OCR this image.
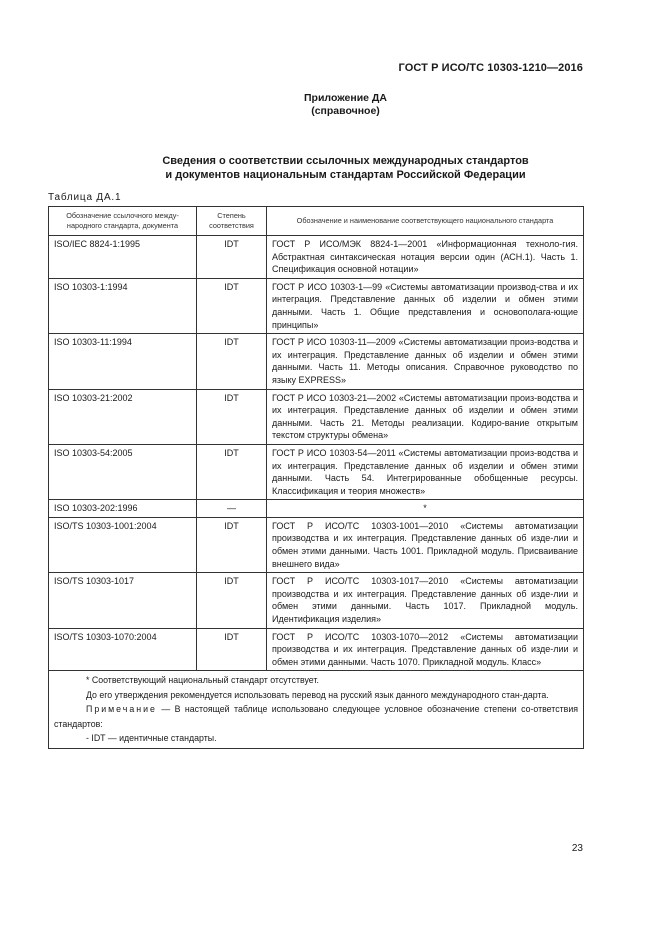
ГОСТ Р ИСО/ТС 10303-1210—2016
Приложение ДА
(справочное)
Сведения о соответствии ссылочных международных стандартов
и документов национальным стандартам Российской Федерации
Таблица ДА.1
Обозначение ссылочного между-народного стандарта, документа	Степень соответствия	Обозначение и наименование соответствующего национального стандарта
ISO/IEC 8824-1:1995	IDT	ГОСТ Р ИСО/МЭК 8824-1—2001 «Информационная техноло-гия. Абстрактная синтаксическая нотация версии один (АСН.1). Часть 1. Спецификация основной нотации»
ISO 10303-1:1994	IDT	ГОСТ Р ИСО 10303-1—99 «Системы автоматизации производ-ства и их интеграция. Представление данных об изделии и обмен этими данными. Часть 1. Общие представления и основополага-ющие принципы»
ISO 10303-11:1994	IDT	ГОСТ Р ИСО 10303-11—2009 «Системы автоматизации произ-водства и их интеграция. Представление данных об изделии и обмен этими данными. Часть 11. Методы описания. Справочное руководство по языку EXPRESS»
ISO 10303-21:2002	IDT	ГОСТ Р ИСО 10303-21—2002 «Системы автоматизации произ-водства и их интеграция. Представление данных об изделии и обмен этими данными. Часть 21. Методы реализации. Кодиро-вание открытым текстом структуры обмена»
ISO 10303-54:2005	IDT	ГОСТ Р ИСО 10303-54—2011 «Системы автоматизации произ-водства и их интеграция. Представление данных об изделии и обмен этими данными. Часть 54. Интегрированные обобщенные ресурсы. Классификация и теория множеств»
ISO 10303-202:1996	—	*
ISO/TS 10303-1001:2004	IDT	ГОСТ Р ИСО/ТС 10303-1001—2010 «Системы автоматизации производства и их интеграция. Представление данных об изде-лии и обмен этими данными. Часть 1001. Прикладной модуль. Присваивание внешнего вида»
ISO/TS 10303-1017	IDT	ГОСТ Р ИСО/ТС 10303-1017—2010 «Системы автоматизации производства и их интеграция. Представление данных об изде-лии и обмен этими данными. Часть 1017. Прикладной модуль. Идентификация изделия»
ISO/TS 10303-1070:2004	IDT	ГОСТ Р ИСО/ТС 10303-1070—2012 «Системы автоматизации производства и их интеграция. Представление данных об изде-лии и обмен этими данными. Часть 1070. Прикладной модуль. Класс»

* Соответствующий национальный стандарт отсутствует.

До его утверждения рекомендуется использовать перевод на русский язык данного международного стан-дарта.

Примечание — В настоящей таблице использовано следующее условное обозначение степени со-ответствия стандартов:

- IDT — идентичные стандарты.		

23
